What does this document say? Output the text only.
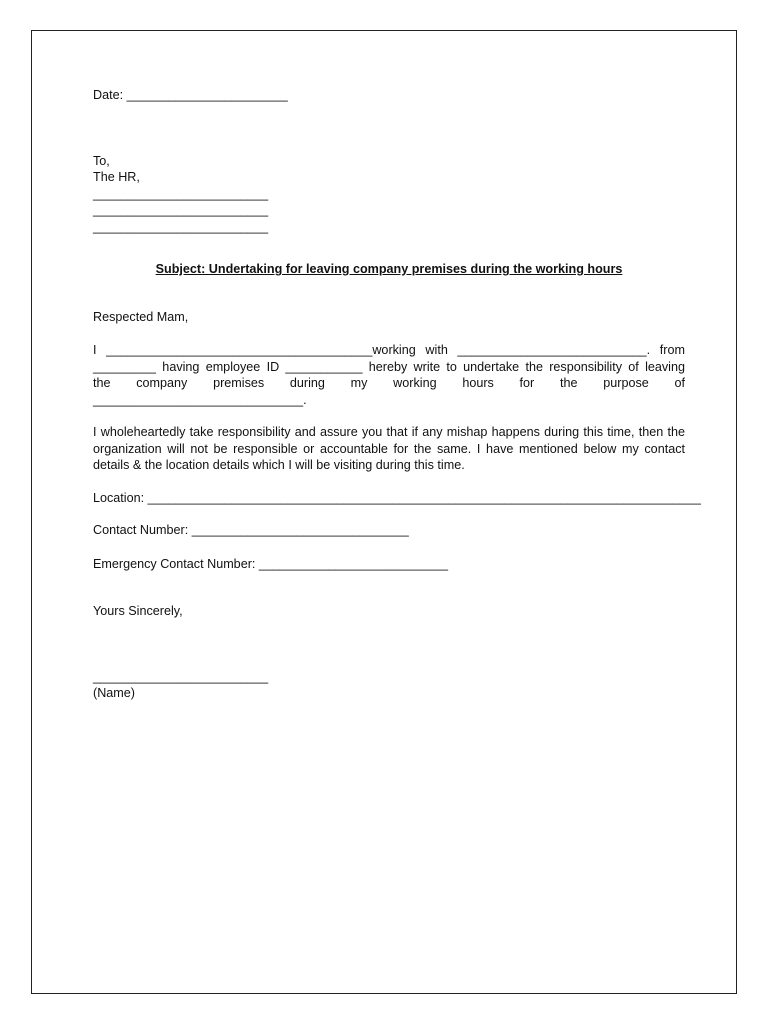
Date: _______________________

To,

The HR,

_________________________

_________________________

_________________________

Subject: Undertaking for leaving company premises during the working hours

Respected Mam,

I ______________________________________working with ___________________________. from

_________ having employee ID ___________ hereby write to undertake the responsibility of leaving

the company premises during my working hours for the purpose of

______________________________.

I wholeheartedly take responsibility and assure you that if any mishap happens during this time, then the organization will not be responsible or accountable for the same. I have mentioned below my contact details & the location details which I will be visiting during this time.

Location: _______________________________________________________________________________

Contact Number: _______________________________

Emergency Contact Number: ___________________________

Yours Sincerely,

_________________________

(Name)
